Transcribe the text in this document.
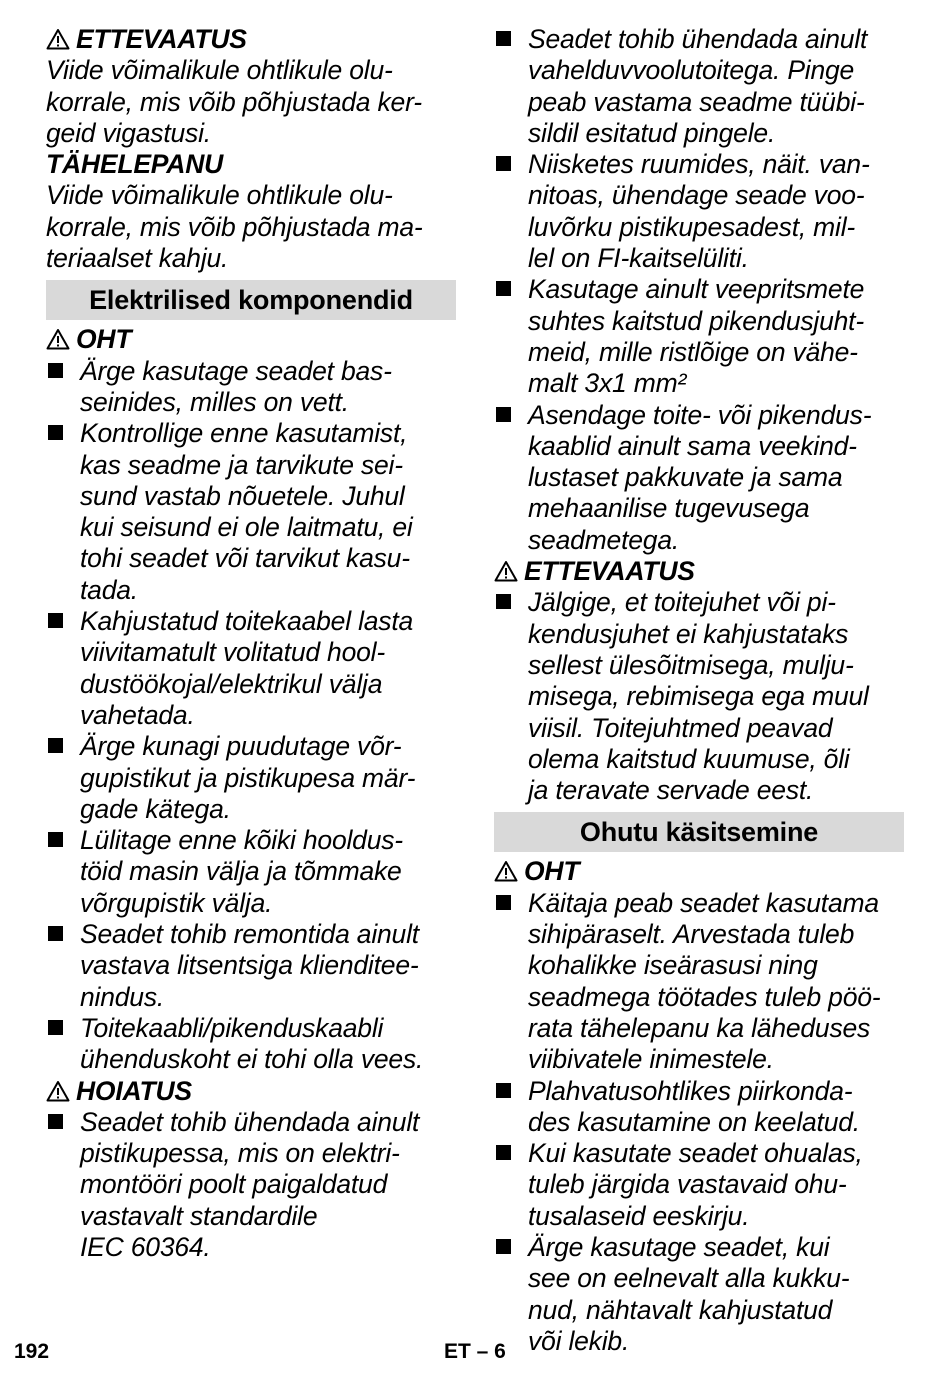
ETTEVAATUS
Viide võimalikule ohtlikule olu-
korrale, mis võib põhjustada ker-
geid vigastusi.
TÄHELEPANU
Viide võimalikule ohtlikule olu-
korrale, mis võib põhjustada ma-
teriaalset kahju.
Elektrilised komponendid
OHT
Ärge kasutage seadet bas-
seinides, milles on vett.
Kontrollige enne kasutamist,
kas seadme ja tarvikute sei-
sund vastab nõuetele. Juhul
kui seisund ei ole laitmatu, ei
tohi seadet või tarvikut kasu-
tada.
Kahjustatud toitekaabel lasta
viivitamatult volitatud hool-
dustöökojal/elektrikul välja
vahetada.
Ärge kunagi puudutage võr-
gupistikut ja pistikupesa mär-
gade kätega.
Lülitage enne kõiki hooldus-
töid masin välja ja tõmmake
võrgupistik välja.
Seadet tohib remontida ainult
vastava litsentsiga klienditee-
nindus.
Toitekaabli/pikenduskaabli
ühenduskoht ei tohi olla vees.
HOIATUS
Seadet tohib ühendada ainult
pistikupessa, mis on elektri-
montööri poolt paigaldatud
vastavalt standardile
IEC 60364.
Seadet tohib ühendada ainult
vahelduvvoolutoitega. Pinge
peab vastama seadme tüübi-
sildil esitatud pingele.
Niisketes ruumides, näit. van-
nitoas, ühendage seade voo-
luvõrku pistikupesadest, mil-
lel on FI-kaitselüliti.
Kasutage ainult veepritsmete
suhtes kaitstud pikendusjuht-
meid, mille ristlõige on vähe-
malt 3x1 mm²
Asendage toite- või pikendus-
kaablid ainult sama veekind-
lustaset pakkuvate ja sama
mehaanilise tugevusega
seadmetega.
ETTEVAATUS
Jälgige, et toitejuhet või pi-
kendusjuhet ei kahjustataks
sellest ülesõitmisega, mulju-
misega, rebimisega ega muul
viisil. Toitejuhtmed peavad
olema kaitstud kuumuse, õli
ja teravate servade eest.
Ohutu käsitsemine
OHT
Käitaja peab seadet kasutama
sihipäraselt. Arvestada tuleb
kohalikke iseärasusi ning
seadmega töötades tuleb pöö-
rata tähelepanu ka läheduses
viibivatele inimestele.
Plahvatusohtlikes piirkonda-
des kasutamine on keelatud.
Kui kasutate seadet ohualas,
tuleb järgida vastavaid ohu-
tusalaseid eeskirju.
Ärge kasutage seadet, kui
see on eelnevalt alla kukku-
nud, nähtavalt kahjustatud
või lekib.
192	ET – 6
